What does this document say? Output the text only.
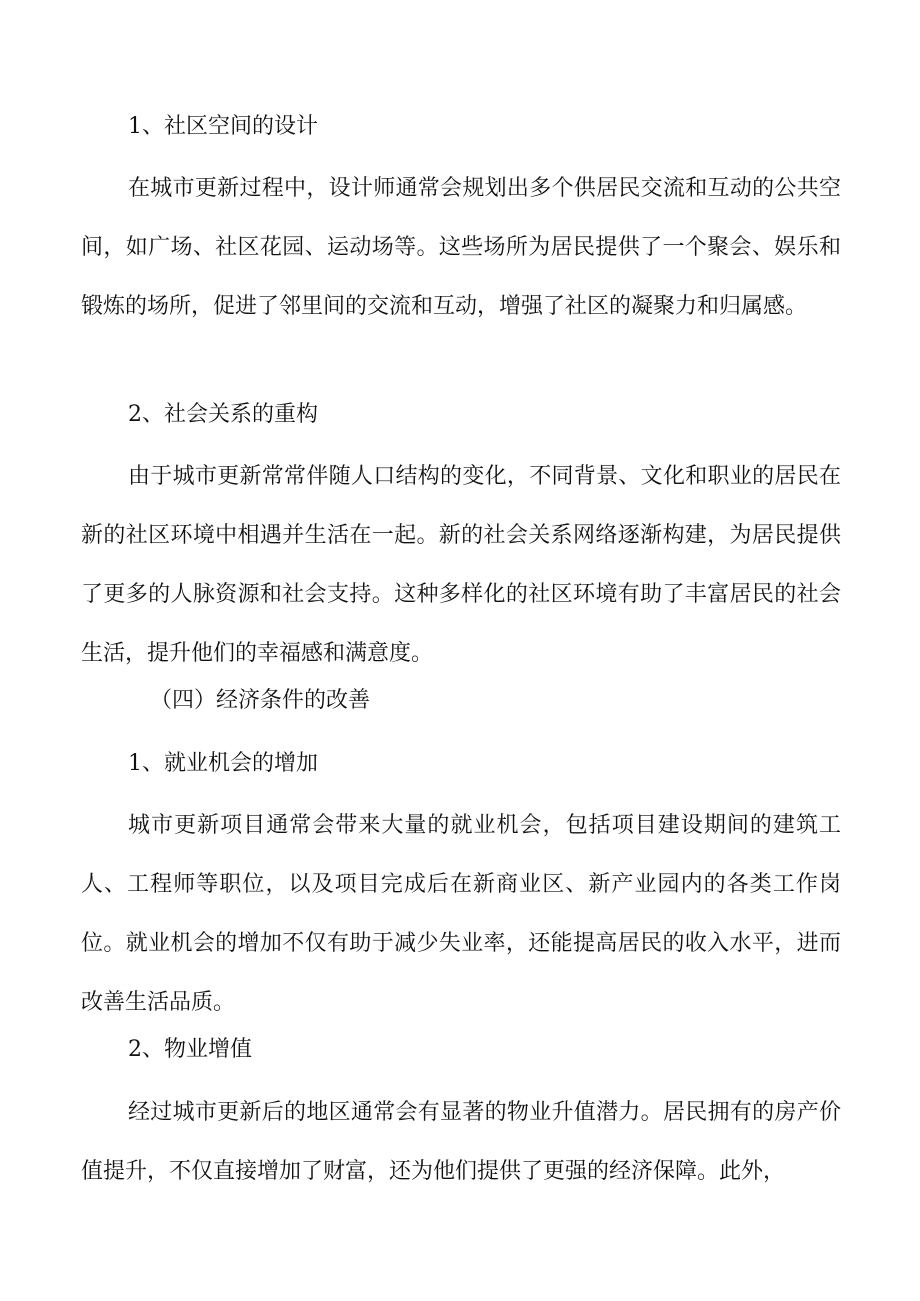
1、社区空间的设计

在城市更新过程中，设计师通常会规划出多个供居民交流和互动的公共空间，如广场、社区花园、运动场等。这些场所为居民提供了一个聚会、娱乐和锻炼的场所，促进了邻里间的交流和互动，增强了社区的凝聚力和归属感。

2、社会关系的重构

由于城市更新常常伴随人口结构的变化，不同背景、文化和职业的居民在新的社区环境中相遇并生活在一起。新的社会关系网络逐渐构建，为居民提供了更多的人脉资源和社会支持。这种多样化的社区环境有助了丰富居民的社会生活，提升他们的幸福感和满意度。

（四）经济条件的改善
1、就业机会的增加

城市更新项目通常会带来大量的就业机会，包括项目建设期间的建筑工人、工程师等职位，以及项目完成后在新商业区、新产业园内的各类工作岗位。就业机会的增加不仅有助于减少失业率，还能提高居民的收入水平，进而改善生活品质。

2、物业增值

经过城市更新后的地区通常会有显著的物业升值潜力。居民拥有的房产价值提升，不仅直接增加了财富，还为他们提供了更强的经济保障。此外，
